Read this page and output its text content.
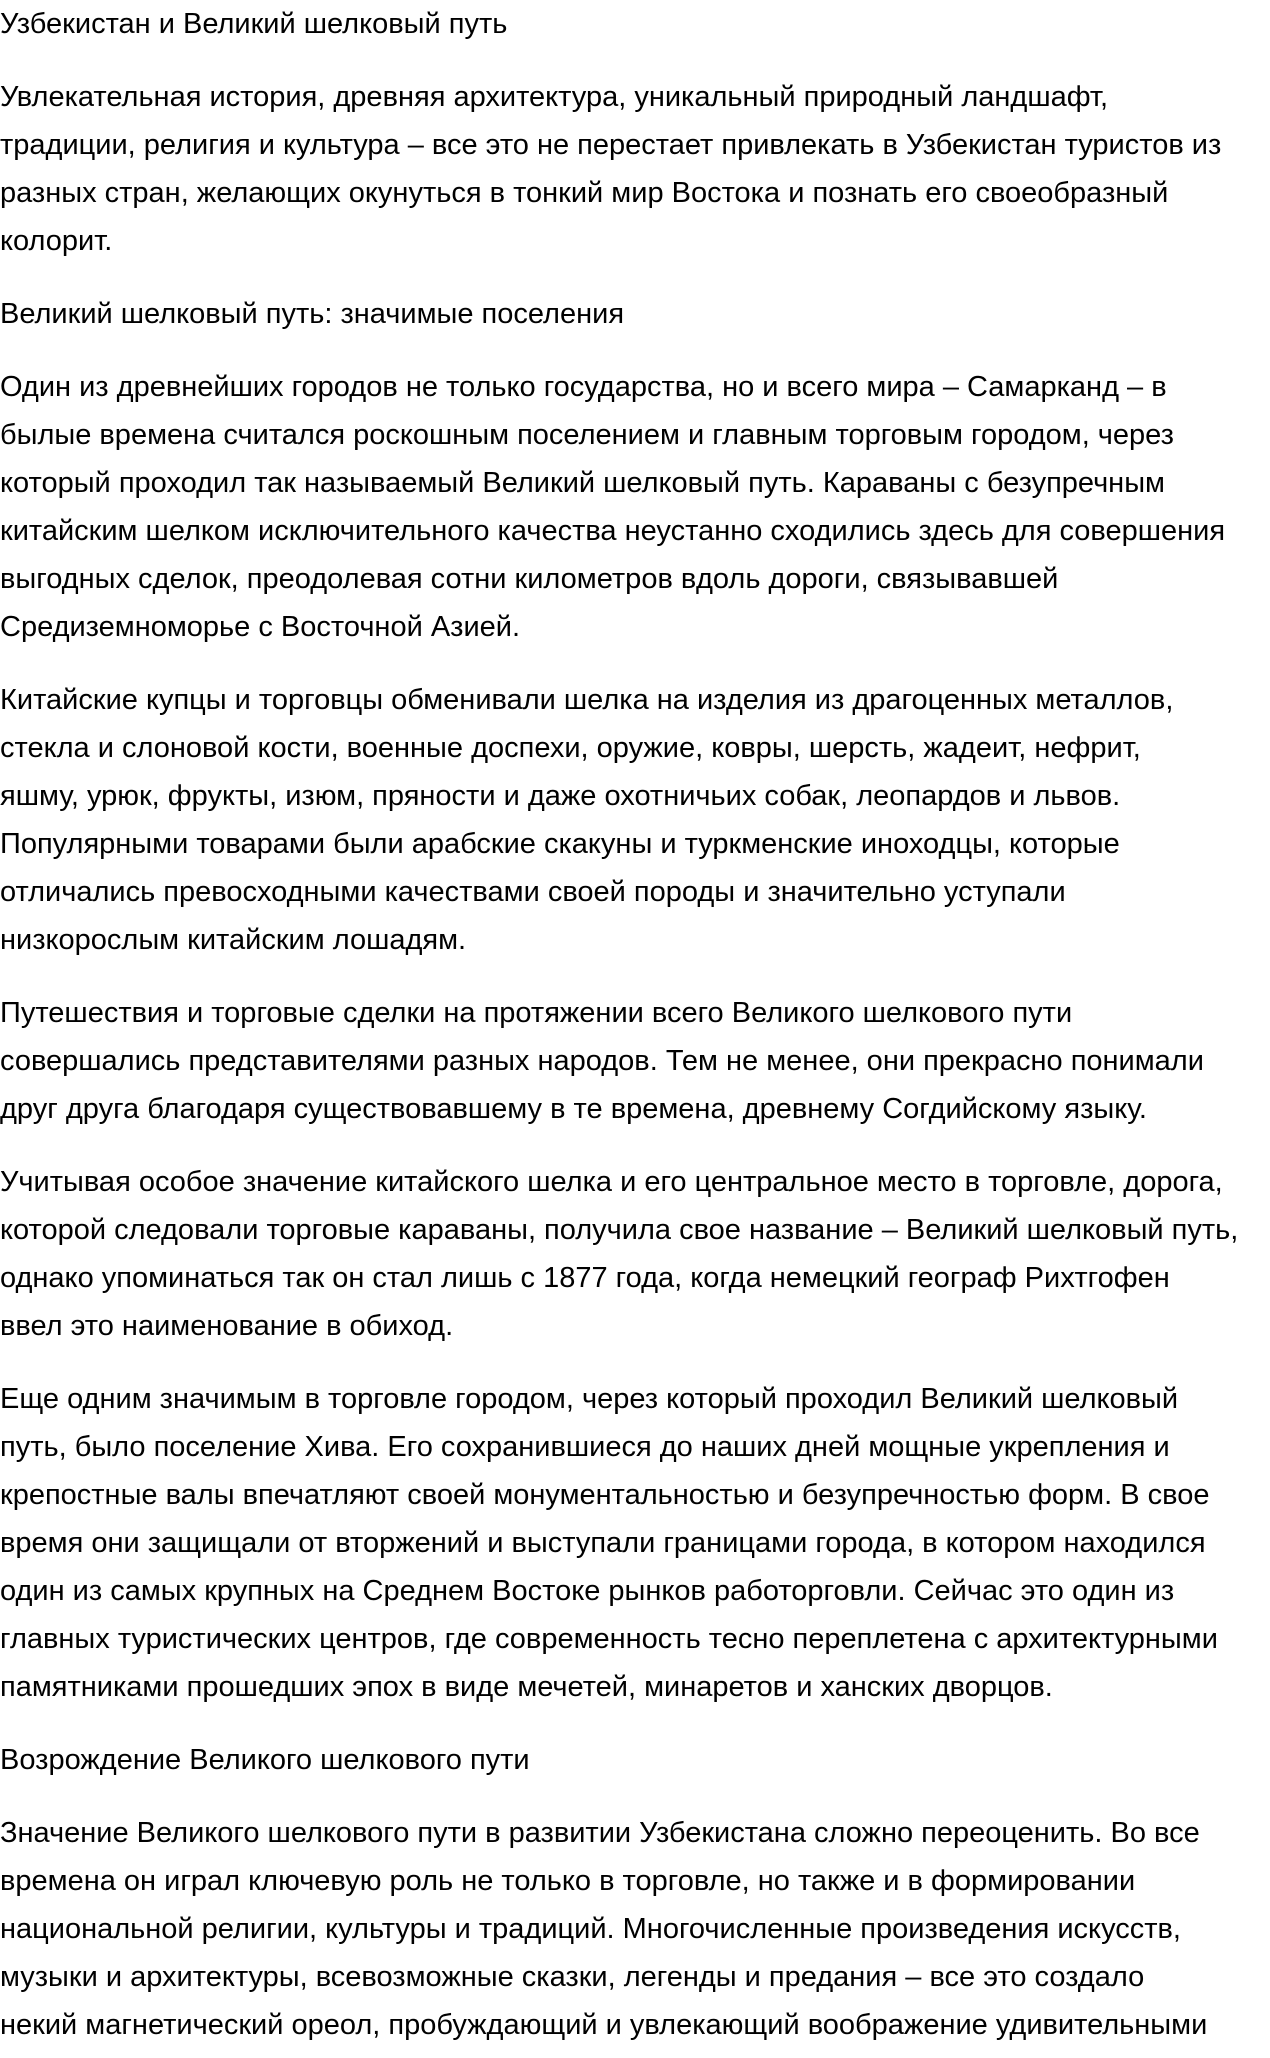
Узбекистан и Великий шелковый путь
Увлекательная история, древняя архитектура, уникальный природный ландшафт,
традиции, религия и культура – все это не перестает привлекать в Узбекистан туристов из
разных стран, желающих окунуться в тонкий мир Востока и познать его своеобразный
колорит.
Великий шелковый путь: значимые поселения
Один из древнейших городов не только государства, но и всего мира – Самарканд – в
былые времена считался роскошным поселением и главным торговым городом, через
который проходил так называемый Великий шелковый путь. Караваны с безупречным
китайским шелком исключительного качества неустанно сходились здесь для совершения
выгодных сделок, преодолевая сотни километров вдоль дороги, связывавшей
Средиземноморье с Восточной Азией.
Китайские купцы и торговцы обменивали шелка на изделия из драгоценных металлов,
стекла и слоновой кости, военные доспехи, оружие, ковры, шерсть, жадеит, нефрит,
яшму, урюк, фрукты, изюм, пряности и даже охотничьих собак, леопардов и львов.
Популярными товарами были арабские скакуны и туркменские иноходцы, которые
отличались превосходными качествами своей породы и значительно уступали
низкорослым китайским лошадям.
Путешествия и торговые сделки на протяжении всего Великого шелкового пути
совершались представителями разных народов. Тем не менее, они прекрасно понимали
друг друга благодаря существовавшему в те времена, древнему Согдийскому языку.
Учитывая особое значение китайского шелка и его центральное место в торговле, дорога,
которой следовали торговые караваны, получила свое название – Великий шелковый путь,
однако упоминаться так он стал лишь с 1877 года, когда немецкий географ Рихтгофен
ввел это наименование в обиход.
Еще одним значимым в торговле городом, через который проходил Великий шелковый
путь, было поселение Хива. Его сохранившиеся до наших дней мощные укрепления и
крепостные валы впечатляют своей монументальностью и безупречностью форм. В свое
время они защищали от вторжений и выступали границами города, в котором находился
один из самых крупных на Среднем Востоке рынков работорговли. Сейчас это один из
главных туристических центров, где современность тесно переплетена с архитектурными
памятниками прошедших эпох в виде мечетей, минаретов и ханских дворцов.
Возрождение Великого шелкового пути
Значение Великого шелкового пути в развитии Узбекистана сложно переоценить. Во все
времена он играл ключевую роль не только в торговле, но также и в формировании
национальной религии, культуры и традиций. Многочисленные произведения искусств,
музыки и архитектуры, всевозможные сказки, легенды и предания – все это создало
некий магнетический ореол, пробуждающий и увлекающий воображение удивительными
